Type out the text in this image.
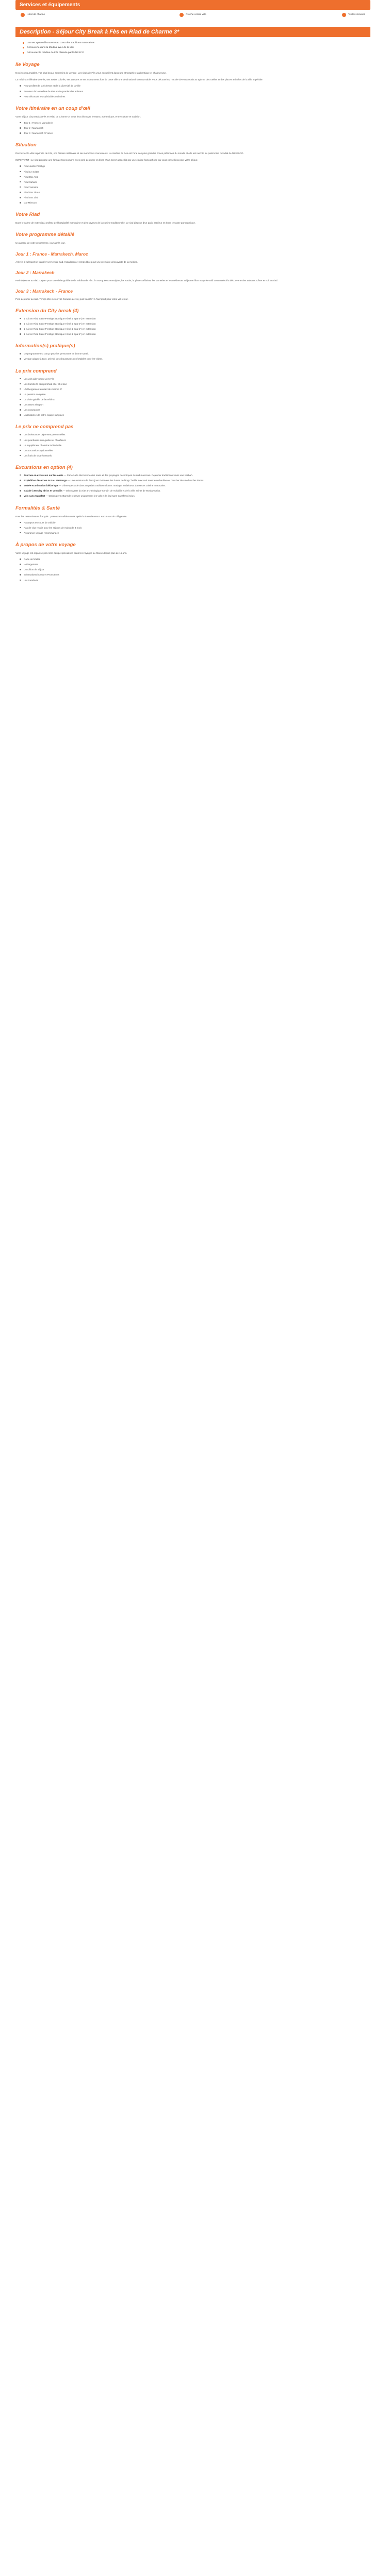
Services et équipements
Hôtel de charme	Proche centre ville	Visites incluses
Description - Séjour City Break à Fès en Riad de Charme 3*
Une escapade découverte au cœur des traditions marocaines
Découverte dans la Medina avec de la ville
Découvrez la médina de Fès classée par l'UNESCO
Ïle Voyage

Nos incontournables, vos plus beaux souvenirs de voyage. Les riads de Fès vous accueillent dans une atmosphère authentique et chaleureuse.

La médina millénaire de Fès, ses souks colorés, ses artisans et ses monuments font de cette ville une destination incontournable. Vous découvrirez l'art de vivre marocain au rythme des ruelles et des places animées de la ville impériale.

Pour profiter de la richesse et de la diversité de la ville
Au cœur de la médina de Fès et du quartier des artisans
Pour découvrir les spécialités culinaires
Votre itinéraire en un coup d'œil

Votre séjour City Break à Fès en Riad de Charme 3* vous fera découvrir le Maroc authentique, entre culture et tradition.

Jour 1 : France / Marrakech
Jour 2 : Marrakech
Jour 3 : Marrakech / France
Situation

Découvrez la ville impériale de Fès, son histoire millénaire et ses nombreux monuments. La médina de Fès est l'une des plus grandes zones piétonnes du monde et elle est inscrite au patrimoine mondial de l'UNESCO.

IMPORTANT : Le riad propose une formule tout compris avec petit-déjeuner et dîner. Vous serez accueillis par une équipe francophone qui vous conseillera pour votre séjour.

Riad Jardin Prestige
Riad Le Sultan
Riad Dar Aziz
Riad Sahara
Riad Yasmine
Riad Dar Zitoun
Riad Dar Ziad
Dar Mimoun
Votre Riad

Dans le calme de votre riad, profitez de l'hospitalité marocaine et des saveurs de la cuisine traditionnelle. Le riad dispose d'un patio intérieur et d'une terrasse panoramique.

Votre programme détaillé

Un aperçu de votre programme, jour après jour.

Jour 1 : France - Marrakech, Maroc

Arrivée à l'aéroport et transfert vers votre riad. Installation et temps libre pour une première découverte de la médina.

Jour 2 : Marrakech

Petit-déjeuner au riad. Départ pour une visite guidée de la médina de Fès : la mosquée Karaouiyine, les souks, la place Seffarine, les tanneries et les médersas. Déjeuner libre et après-midi consacrée à la découverte des artisans. Dîner et nuit au riad.

Jour 3 : Marrakech - France

Petit-déjeuner au riad. Temps libre selon vos horaires de vol, puis transfert à l'aéroport pour votre vol retour.

Extension du City break (4)
1 nuit en Riad Saint-Prestige (Boutique Hôtel & Spa 5*) en extension
1 nuit en Riad Saint-Prestige (Boutique Hôtel & Spa 5*) en extension
1 nuit en Riad Saint-Prestige (Boutique Hôtel & Spa 5*) en extension
1 nuit en Riad Saint-Prestige (Boutique Hôtel & Spa 5*) en extension
Information(s) pratique(s)
Ce programme est conçu pour les personnes en bonne santé.
Voyage adapté à tous, prévoir des chaussures confortables pour les visites.
Le prix comprend
Les vols aller-retour vers Fès
Les transferts aéroport/riad aller et retour
L'hébergement en riad de charme 3*
La pension complète
La visite guidée de la médina
Les taxes aéroport
Les assurances
L'assistance de notre équipe sur place
Le prix ne comprend pas
Les boissons et dépenses personnelles
Les pourboires aux guides et chauffeurs
Le supplément chambre individuelle
Les excursions optionnelles
Les frais de visa éventuels
Excursions en option (4)
Journée en excursion sur les oasis — Partez à la découverte des oasis et des paysages désertiques du sud marocain. Déjeuner traditionnel dans une kasbah.
Expédition désert en 4x4 au Merzouga — Une aventure de deux jours à travers les dunes de l'Erg Chebbi avec nuit sous tente berbère et coucher de soleil sur les dunes.
Soirée et animation folklorique — Dîner-spectacle dans un palais traditionnel avec musique andalouse, danses et cuisine marocaine.
Balade à Moulay Idriss et Volubilis — Découverte du site archéologique romain de Volubilis et de la ville sainte de Moulay Idriss.
Vols sans transfert — Option permettant de réserver uniquement les vols et le riad sans transferts inclus.
Formalités & Santé

Pour les ressortissants français : passeport valide 6 mois après la date de retour. Aucun vaccin obligatoire.

Passeport en cours de validité
Pas de visa requis pour les séjours de moins de 3 mois
Assurance voyage recommandée
À propos de votre voyage

Votre voyage est organisé par notre équipe spécialisée dans les voyages au Maroc depuis plus de 15 ans.

Carte de fidélité
Hébergement
Condition de séjour
Informations bonus et Promotions
Les transferts
